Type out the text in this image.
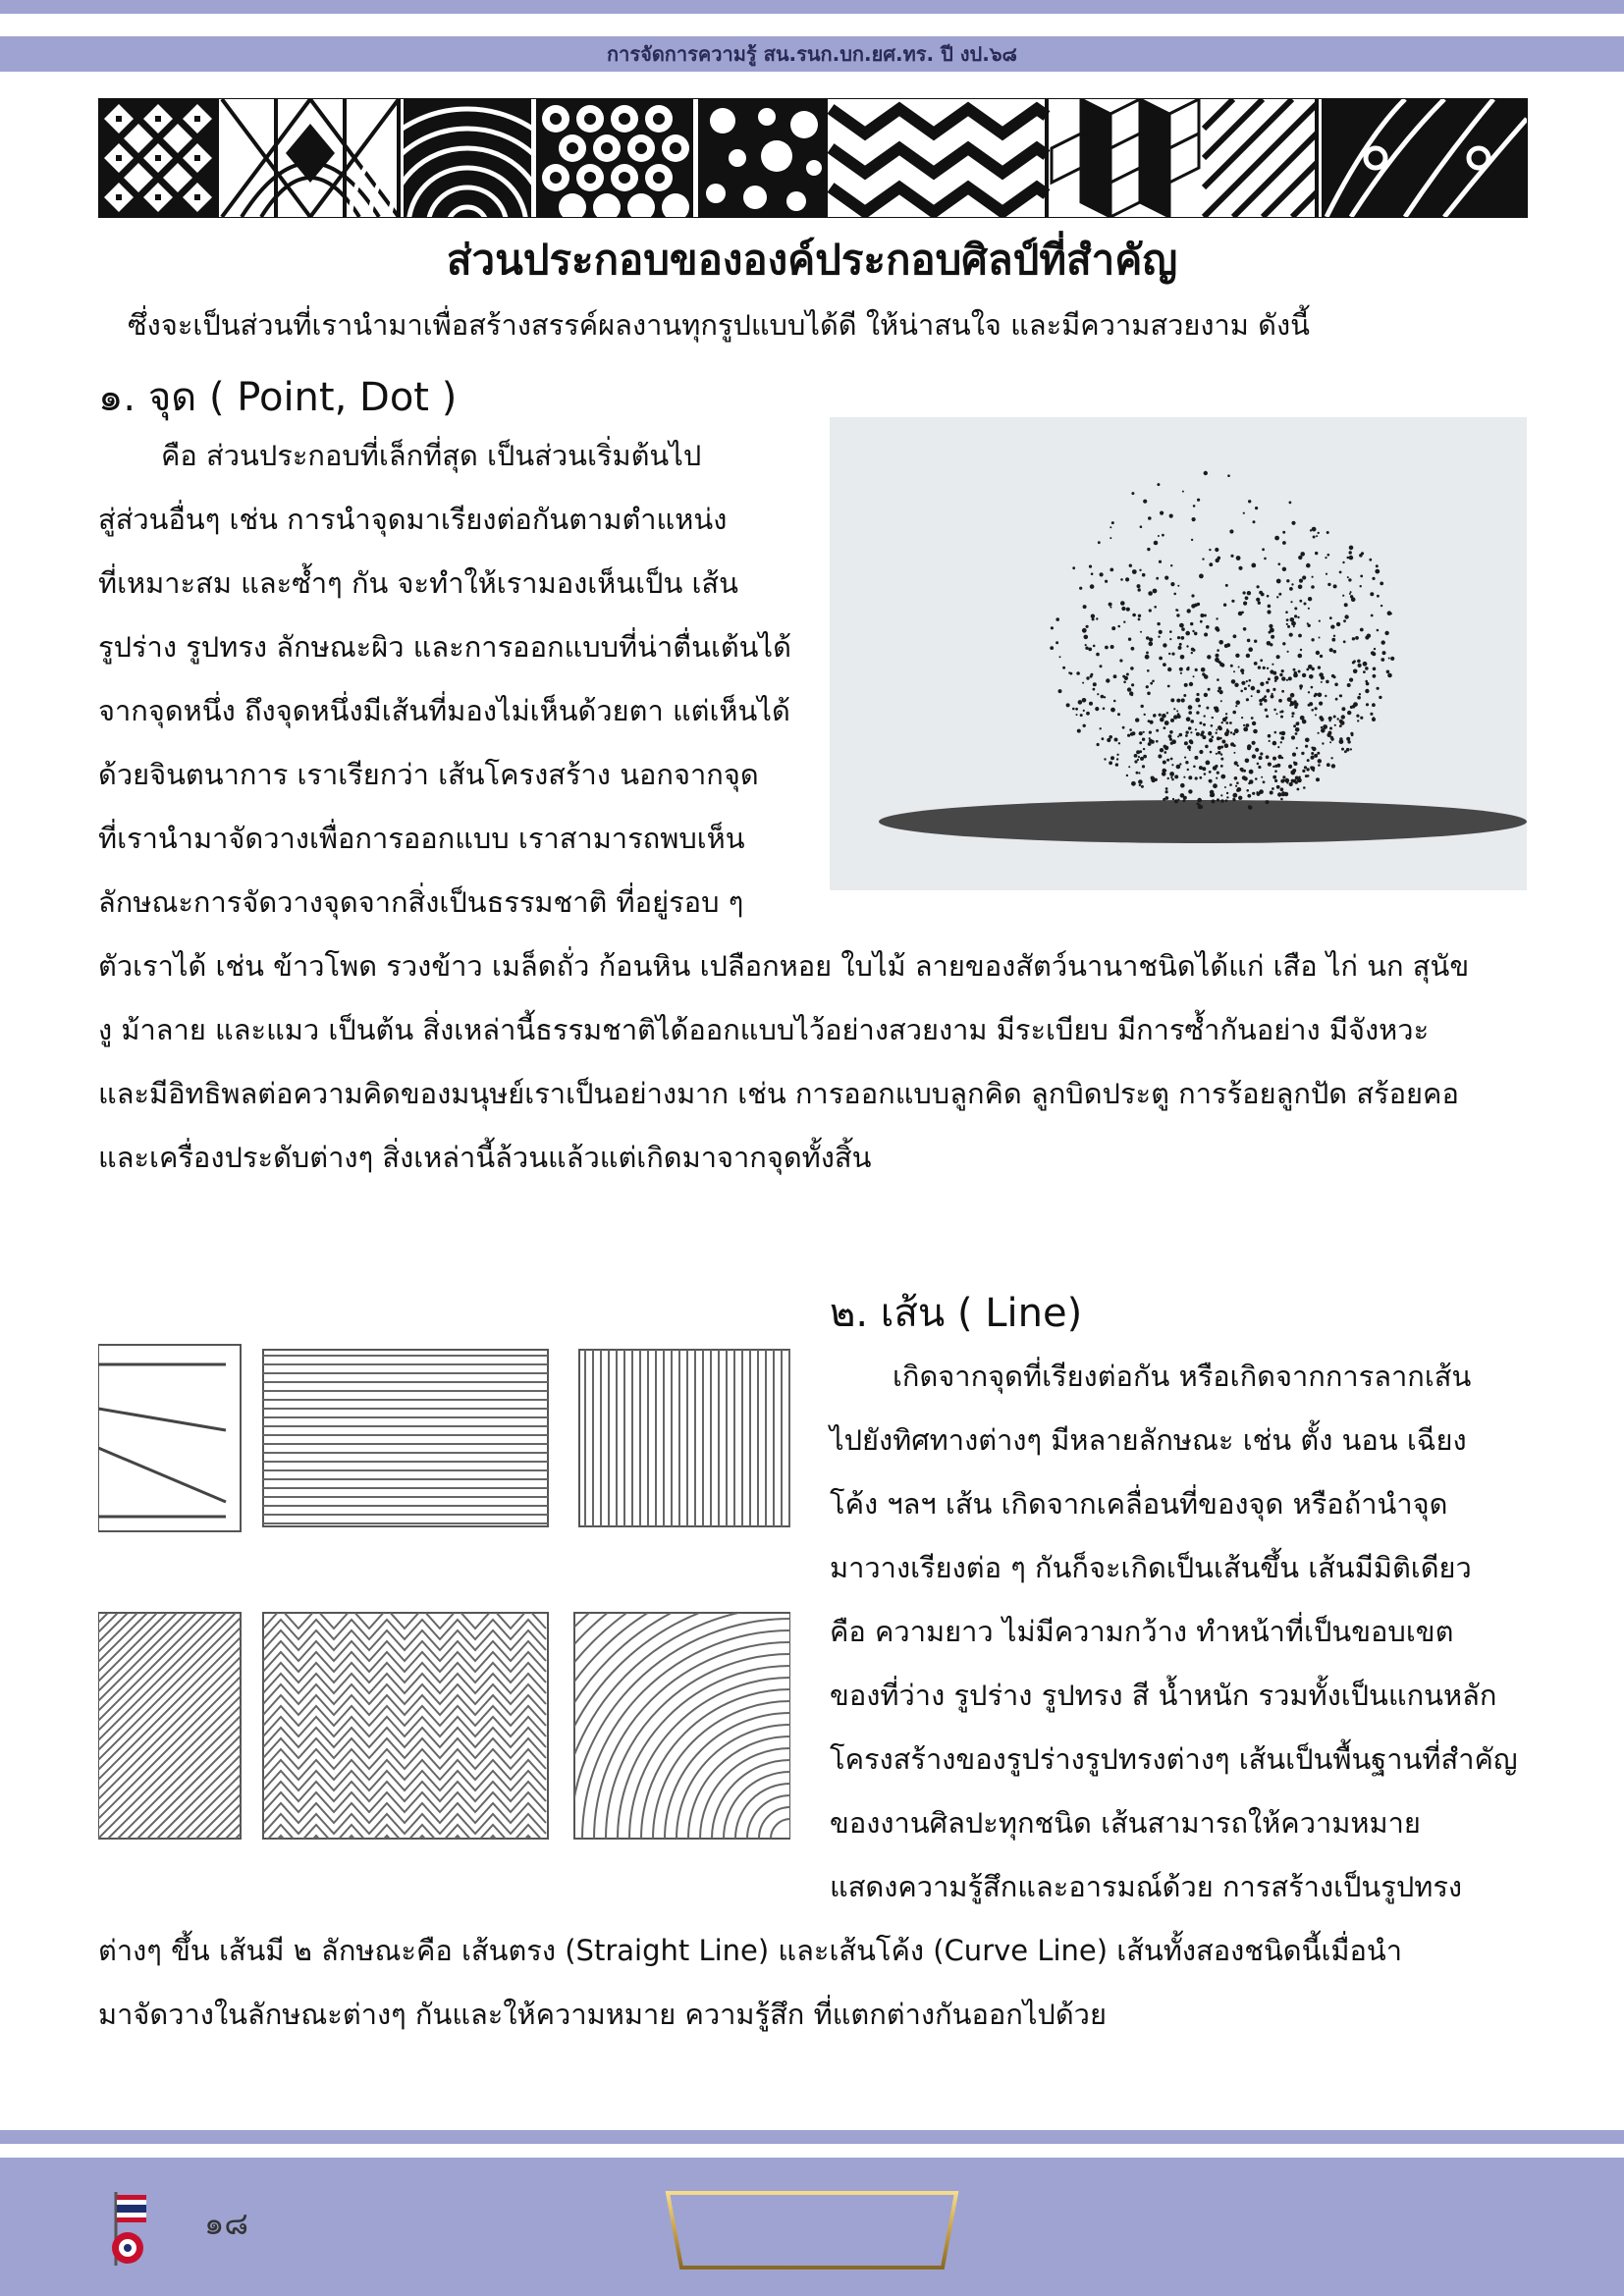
การจัดการความรู้ สน.รนก.บก.ยศ.ทร. ปี งป.๖๘
ส่วนประกอบขององค์ประกอบศิลป์ที่สำคัญ
ซึ่งจะเป็นส่วนที่เรานำมาเพื่อสร้างสรรค์ผลงานทุกรูปแบบได้ดี ให้น่าสนใจ และมีความสวยงาม ดังนี้
๑. จุด ( Point, Dot )
คือ ส่วนประกอบที่เล็กที่สุด เป็นส่วนเริ่มต้นไป
สู่ส่วนอื่นๆ เช่น การนำจุดมาเรียงต่อกันตามตำแหน่ง
ที่เหมาะสม และซ้ำๆ กัน จะทำให้เรามองเห็นเป็น เส้น
รูปร่าง รูปทรง ลักษณะผิว และการออกแบบที่น่าตื่นเต้นได้
จากจุดหนึ่ง ถึงจุดหนึ่งมีเส้นที่มองไม่เห็นด้วยตา แต่เห็นได้
ด้วยจินตนาการ เราเรียกว่า เส้นโครงสร้าง นอกจากจุด
ที่เรานำมาจัดวางเพื่อการออกแบบ เราสามารถพบเห็น
ลักษณะการจัดวางจุดจากสิ่งเป็นธรรมชาติ ที่อยู่รอบ ๆ
ตัวเราได้ เช่น ข้าวโพด รวงข้าว เมล็ดถั่ว ก้อนหิน เปลือกหอย ใบไม้ ลายของสัตว์นานาชนิดได้แก่ เสือ ไก่ นก สุนัข
งู ม้าลาย และแมว เป็นต้น สิ่งเหล่านี้ธรรมชาติได้ออกแบบไว้อย่างสวยงาม มีระเบียบ มีการซ้ำกันอย่าง มีจังหวะ
และมีอิทธิพลต่อความคิดของมนุษย์เราเป็นอย่างมาก เช่น การออกแบบลูกคิด ลูกบิดประตู การร้อยลูกปัด สร้อยคอ
และเครื่องประดับต่างๆ สิ่งเหล่านี้ล้วนแล้วแต่เกิดมาจากจุดทั้งสิ้น
๒. เส้น ( Line)
เกิดจากจุดที่เรียงต่อกัน หรือเกิดจากการลากเส้น
ไปยังทิศทางต่างๆ มีหลายลักษณะ เช่น ตั้ง นอน เฉียง
โค้ง ฯลฯ เส้น เกิดจากเคลื่อนที่ของจุด หรือถ้านำจุด
มาวางเรียงต่อ ๆ กันก็จะเกิดเป็นเส้นขึ้น เส้นมีมิติเดียว
คือ ความยาว ไม่มีความกว้าง ทำหน้าที่เป็นขอบเขต
ของที่ว่าง รูปร่าง รูปทรง สี น้ำหนัก รวมทั้งเป็นแกนหลัก
โครงสร้างของรูปร่างรูปทรงต่างๆ เส้นเป็นพื้นฐานที่สำคัญ
ของงานศิลปะทุกชนิด เส้นสามารถให้ความหมาย
แสดงความรู้สึกและอารมณ์ด้วย การสร้างเป็นรูปทรง
ต่างๆ ขึ้น เส้นมี ๒ ลักษณะคือ เส้นตรง (Straight Line) และเส้นโค้ง (Curve Line) เส้นทั้งสองชนิดนี้เมื่อนำ
มาจัดวางในลักษณะต่างๆ กันและให้ความหมาย ความรู้สึก ที่แตกต่างกันออกไปด้วย
๑๘
